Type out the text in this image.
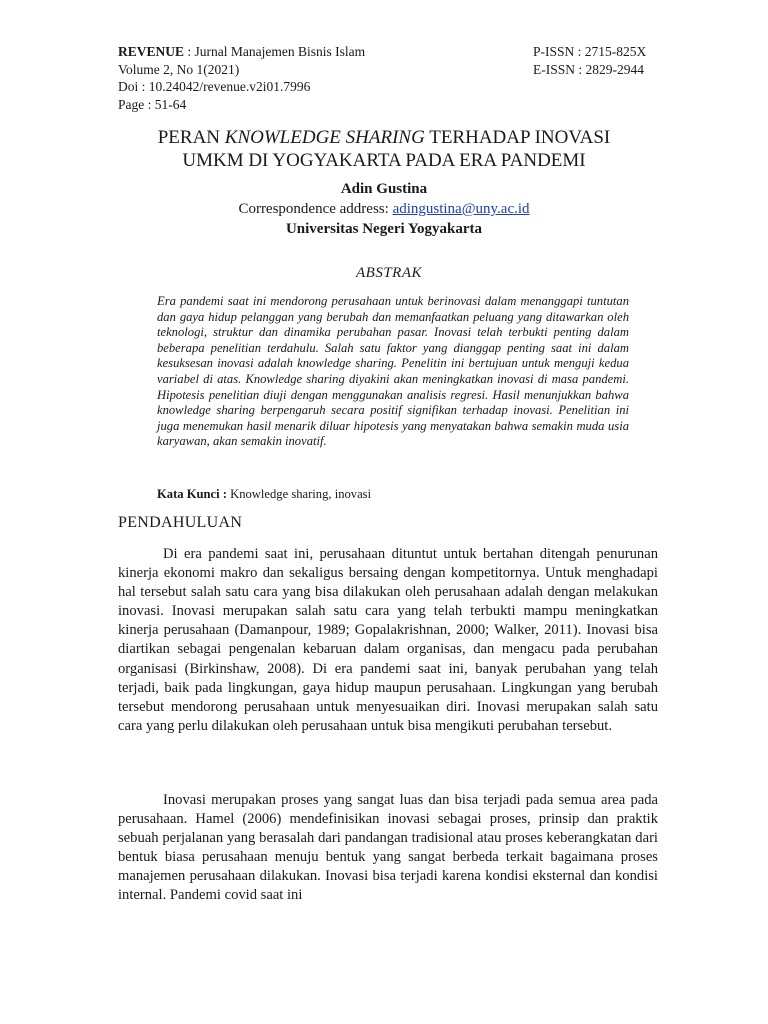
REVENUE : Jurnal Manajemen Bisnis Islam
Volume 2, No 1(2021)
Doi : 10.24042/revenue.v2i01.7996
Page : 51-64
P-ISSN : 2715-825X
E-ISSN : 2829-2944
PERAN KNOWLEDGE SHARING TERHADAP INOVASI
UMKM DI YOGYAKARTA PADA ERA PANDEMI
Adin Gustina
Correspondence address: adingustina@uny.ac.id
Universitas Negeri Yogyakarta
ABSTRAK

Era pandemi saat ini mendorong perusahaan untuk berinovasi dalam menanggapi tuntutan dan gaya hidup pelanggan yang berubah dan memanfaatkan peluang yang ditawarkan oleh teknologi, struktur dan dinamika perubahan pasar. Inovasi telah terbukti penting dalam beberapa penelitian terdahulu. Salah satu faktor yang dianggap penting saat ini dalam kesuksesan inovasi adalah knowledge sharing. Penelitin ini bertujuan untuk menguji kedua variabel di atas. Knowledge sharing diyakini akan meningkatkan inovasi di masa pandemi. Hipotesis penelitian diuji dengan menggunakan analisis regresi. Hasil menunjukkan bahwa knowledge sharing berpengaruh secara positif signifikan terhadap inovasi. Penelitian ini juga menemukan hasil menarik diluar hipotesis yang menyatakan bahwa semakin muda usia karyawan, akan semakin inovatif.

Kata Kunci : Knowledge sharing, inovasi
PENDAHULUAN

Di era pandemi saat ini, perusahaan dituntut untuk bertahan ditengah penurunan kinerja ekonomi makro dan sekaligus bersaing dengan kompetitornya. Untuk menghadapi hal tersebut salah satu cara yang bisa dilakukan oleh perusahaan adalah dengan melakukan inovasi. Inovasi merupakan salah satu cara yang telah terbukti mampu meningkatkan kinerja perusahaan (Damanpour, 1989; Gopalakrishnan, 2000; Walker, 2011). Inovasi bisa diartikan sebagai pengenalan kebaruan dalam organisas, dan mengacu pada perubahan organisasi (Birkinshaw, 2008). Di era pandemi saat ini, banyak perubahan yang telah terjadi, baik pada lingkungan, gaya hidup maupun perusahaan. Lingkungan yang berubah tersebut mendorong perusahaan untuk menyesuaikan diri. Inovasi merupakan salah satu cara yang perlu dilakukan oleh perusahaan untuk bisa mengikuti perubahan tersebut.

Inovasi merupakan proses yang sangat luas dan bisa terjadi pada semua area pada perusahaan. Hamel (2006) mendefinisikan inovasi sebagai proses, prinsip dan praktik sebuah perjalanan yang berasalah dari pandangan tradisional atau proses keberangkatan dari bentuk biasa perusahaan menuju bentuk yang sangat berbeda terkait bagaimana proses manajemen perusahaan dilakukan. Inovasi bisa terjadi karena kondisi eksternal dan kondisi internal. Pandemi covid saat ini
